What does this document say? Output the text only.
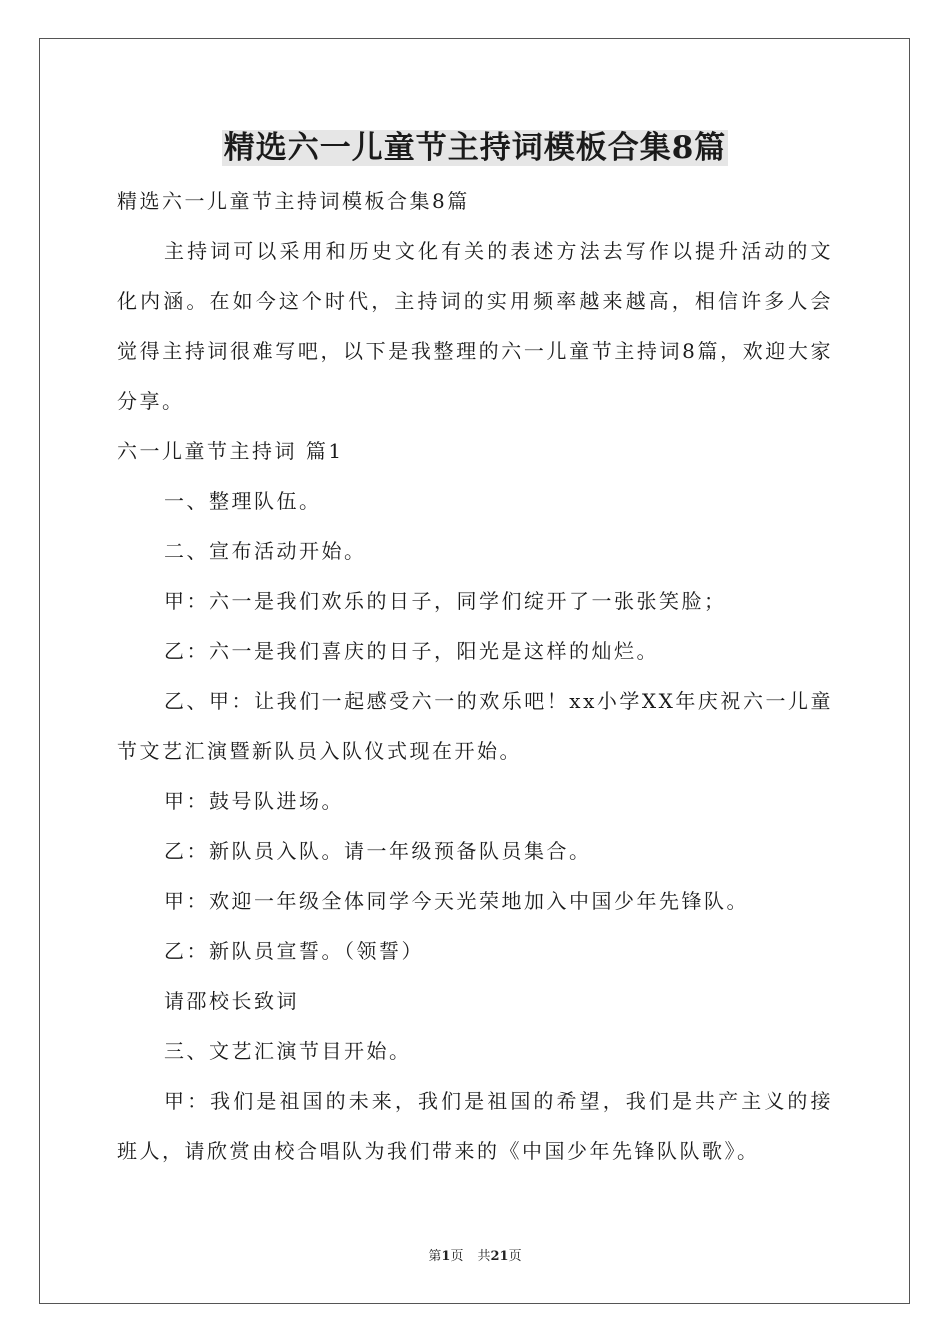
精选六一儿童节主持词模板合集8篇
精选六一儿童节主持词模板合集8篇
主持词可以采用和历史文化有关的表述方法去写作以提升活动的文化内涵。在如今这个时代，主持词的实用频率越来越高，相信许多人会觉得主持词很难写吧，以下是我整理的六一儿童节主持词8篇，欢迎大家分享。
六一儿童节主持词 篇1
一、整理队伍。
二、宣布活动开始。
甲：六一是我们欢乐的日子，同学们绽开了一张张笑脸；
乙：六一是我们喜庆的日子，阳光是这样的灿烂。
乙、甲：让我们一起感受六一的欢乐吧！xx小学XX年庆祝六一儿童节文艺汇演暨新队员入队仪式现在开始。
甲：鼓号队进场。
乙：新队员入队。请一年级预备队员集合。
甲：欢迎一年级全体同学今天光荣地加入中国少年先锋队。
乙：新队员宣誓。（领誓）
请邵校长致词
三、文艺汇演节目开始。
甲：我们是祖国的未来，我们是祖国的希望，我们是共产主义的接班人，请欣赏由校合唱队为我们带来的《中国少年先锋队队歌》。
第1页 共21页
